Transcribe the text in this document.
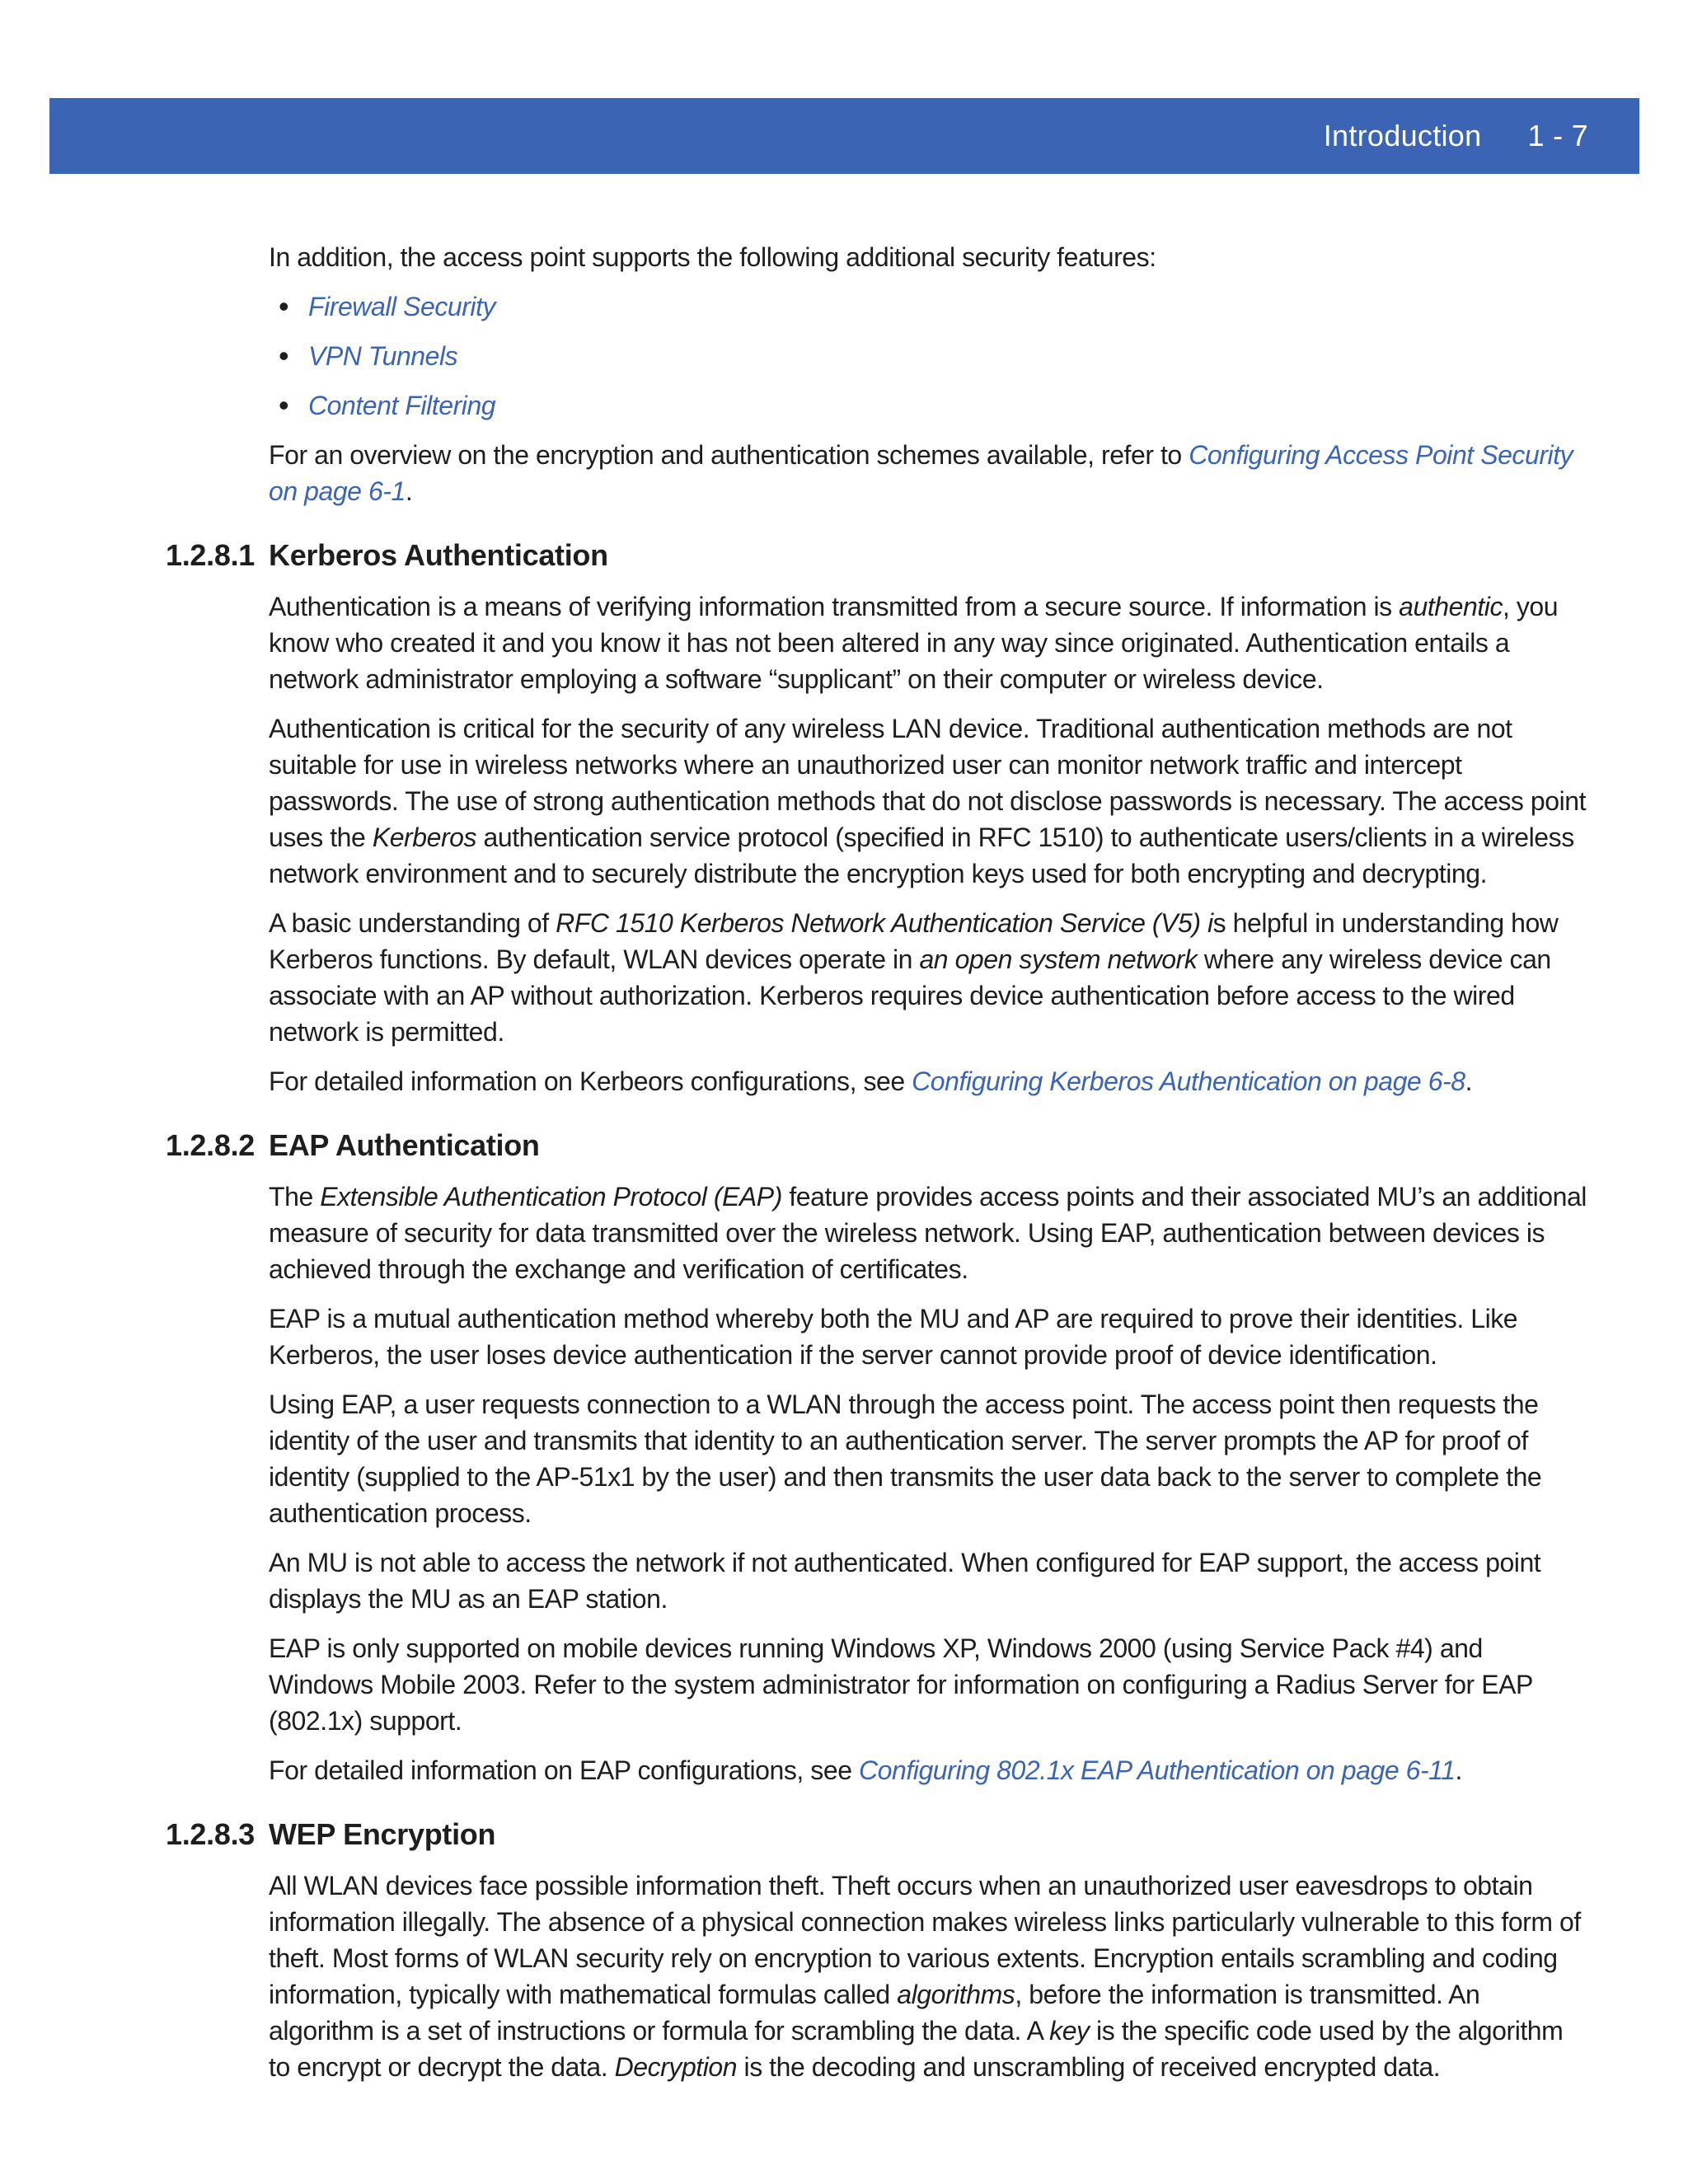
Introduction 1 - 7

In addition, the access point supports the following additional security features:

• Firewall Security
• VPN Tunnels
• Content Filtering

For an overview on the encryption and authentication schemes available, refer to Configuring Access Point Security on page 6-1.

1.2.8.1 Kerberos Authentication

Authentication is a means of verifying information transmitted from a secure source. If information is authentic, you know who created it and you know it has not been altered in any way since originated. Authentication entails a network administrator employing a software “supplicant” on their computer or wireless device.

Authentication is critical for the security of any wireless LAN device. Traditional authentication methods are not suitable for use in wireless networks where an unauthorized user can monitor network traffic and intercept passwords. The use of strong authentication methods that do not disclose passwords is necessary. The access point uses the Kerberos authentication service protocol (specified in RFC 1510) to authenticate users/clients in a wireless network environment and to securely distribute the encryption keys used for both encrypting and decrypting.

A basic understanding of RFC 1510 Kerberos Network Authentication Service (V5) is helpful in understanding how Kerberos functions. By default, WLAN devices operate in an open system network where any wireless device can associate with an AP without authorization. Kerberos requires device authentication before access to the wired network is permitted.

For detailed information on Kerbeors configurations, see Configuring Kerberos Authentication on page 6-8.

1.2.8.2 EAP Authentication

The Extensible Authentication Protocol (EAP) feature provides access points and their associated MU’s an additional measure of security for data transmitted over the wireless network. Using EAP, authentication between devices is achieved through the exchange and verification of certificates.

EAP is a mutual authentication method whereby both the MU and AP are required to prove their identities. Like Kerberos, the user loses device authentication if the server cannot provide proof of device identification.

Using EAP, a user requests connection to a WLAN through the access point. The access point then requests the identity of the user and transmits that identity to an authentication server. The server prompts the AP for proof of identity (supplied to the AP-51x1 by the user) and then transmits the user data back to the server to complete the authentication process.

An MU is not able to access the network if not authenticated. When configured for EAP support, the access point displays the MU as an EAP station.

EAP is only supported on mobile devices running Windows XP, Windows 2000 (using Service Pack #4) and Windows Mobile 2003. Refer to the system administrator for information on configuring a Radius Server for EAP (802.1x) support.

For detailed information on EAP configurations, see Configuring 802.1x EAP Authentication on page 6-11.

1.2.8.3 WEP Encryption

All WLAN devices face possible information theft. Theft occurs when an unauthorized user eavesdrops to obtain information illegally. The absence of a physical connection makes wireless links particularly vulnerable to this form of theft. Most forms of WLAN security rely on encryption to various extents. Encryption entails scrambling and coding information, typically with mathematical formulas called algorithms, before the information is transmitted. An algorithm is a set of instructions or formula for scrambling the data. A key is the specific code used by the algorithm to encrypt or decrypt the data. Decryption is the decoding and unscrambling of received encrypted data.
